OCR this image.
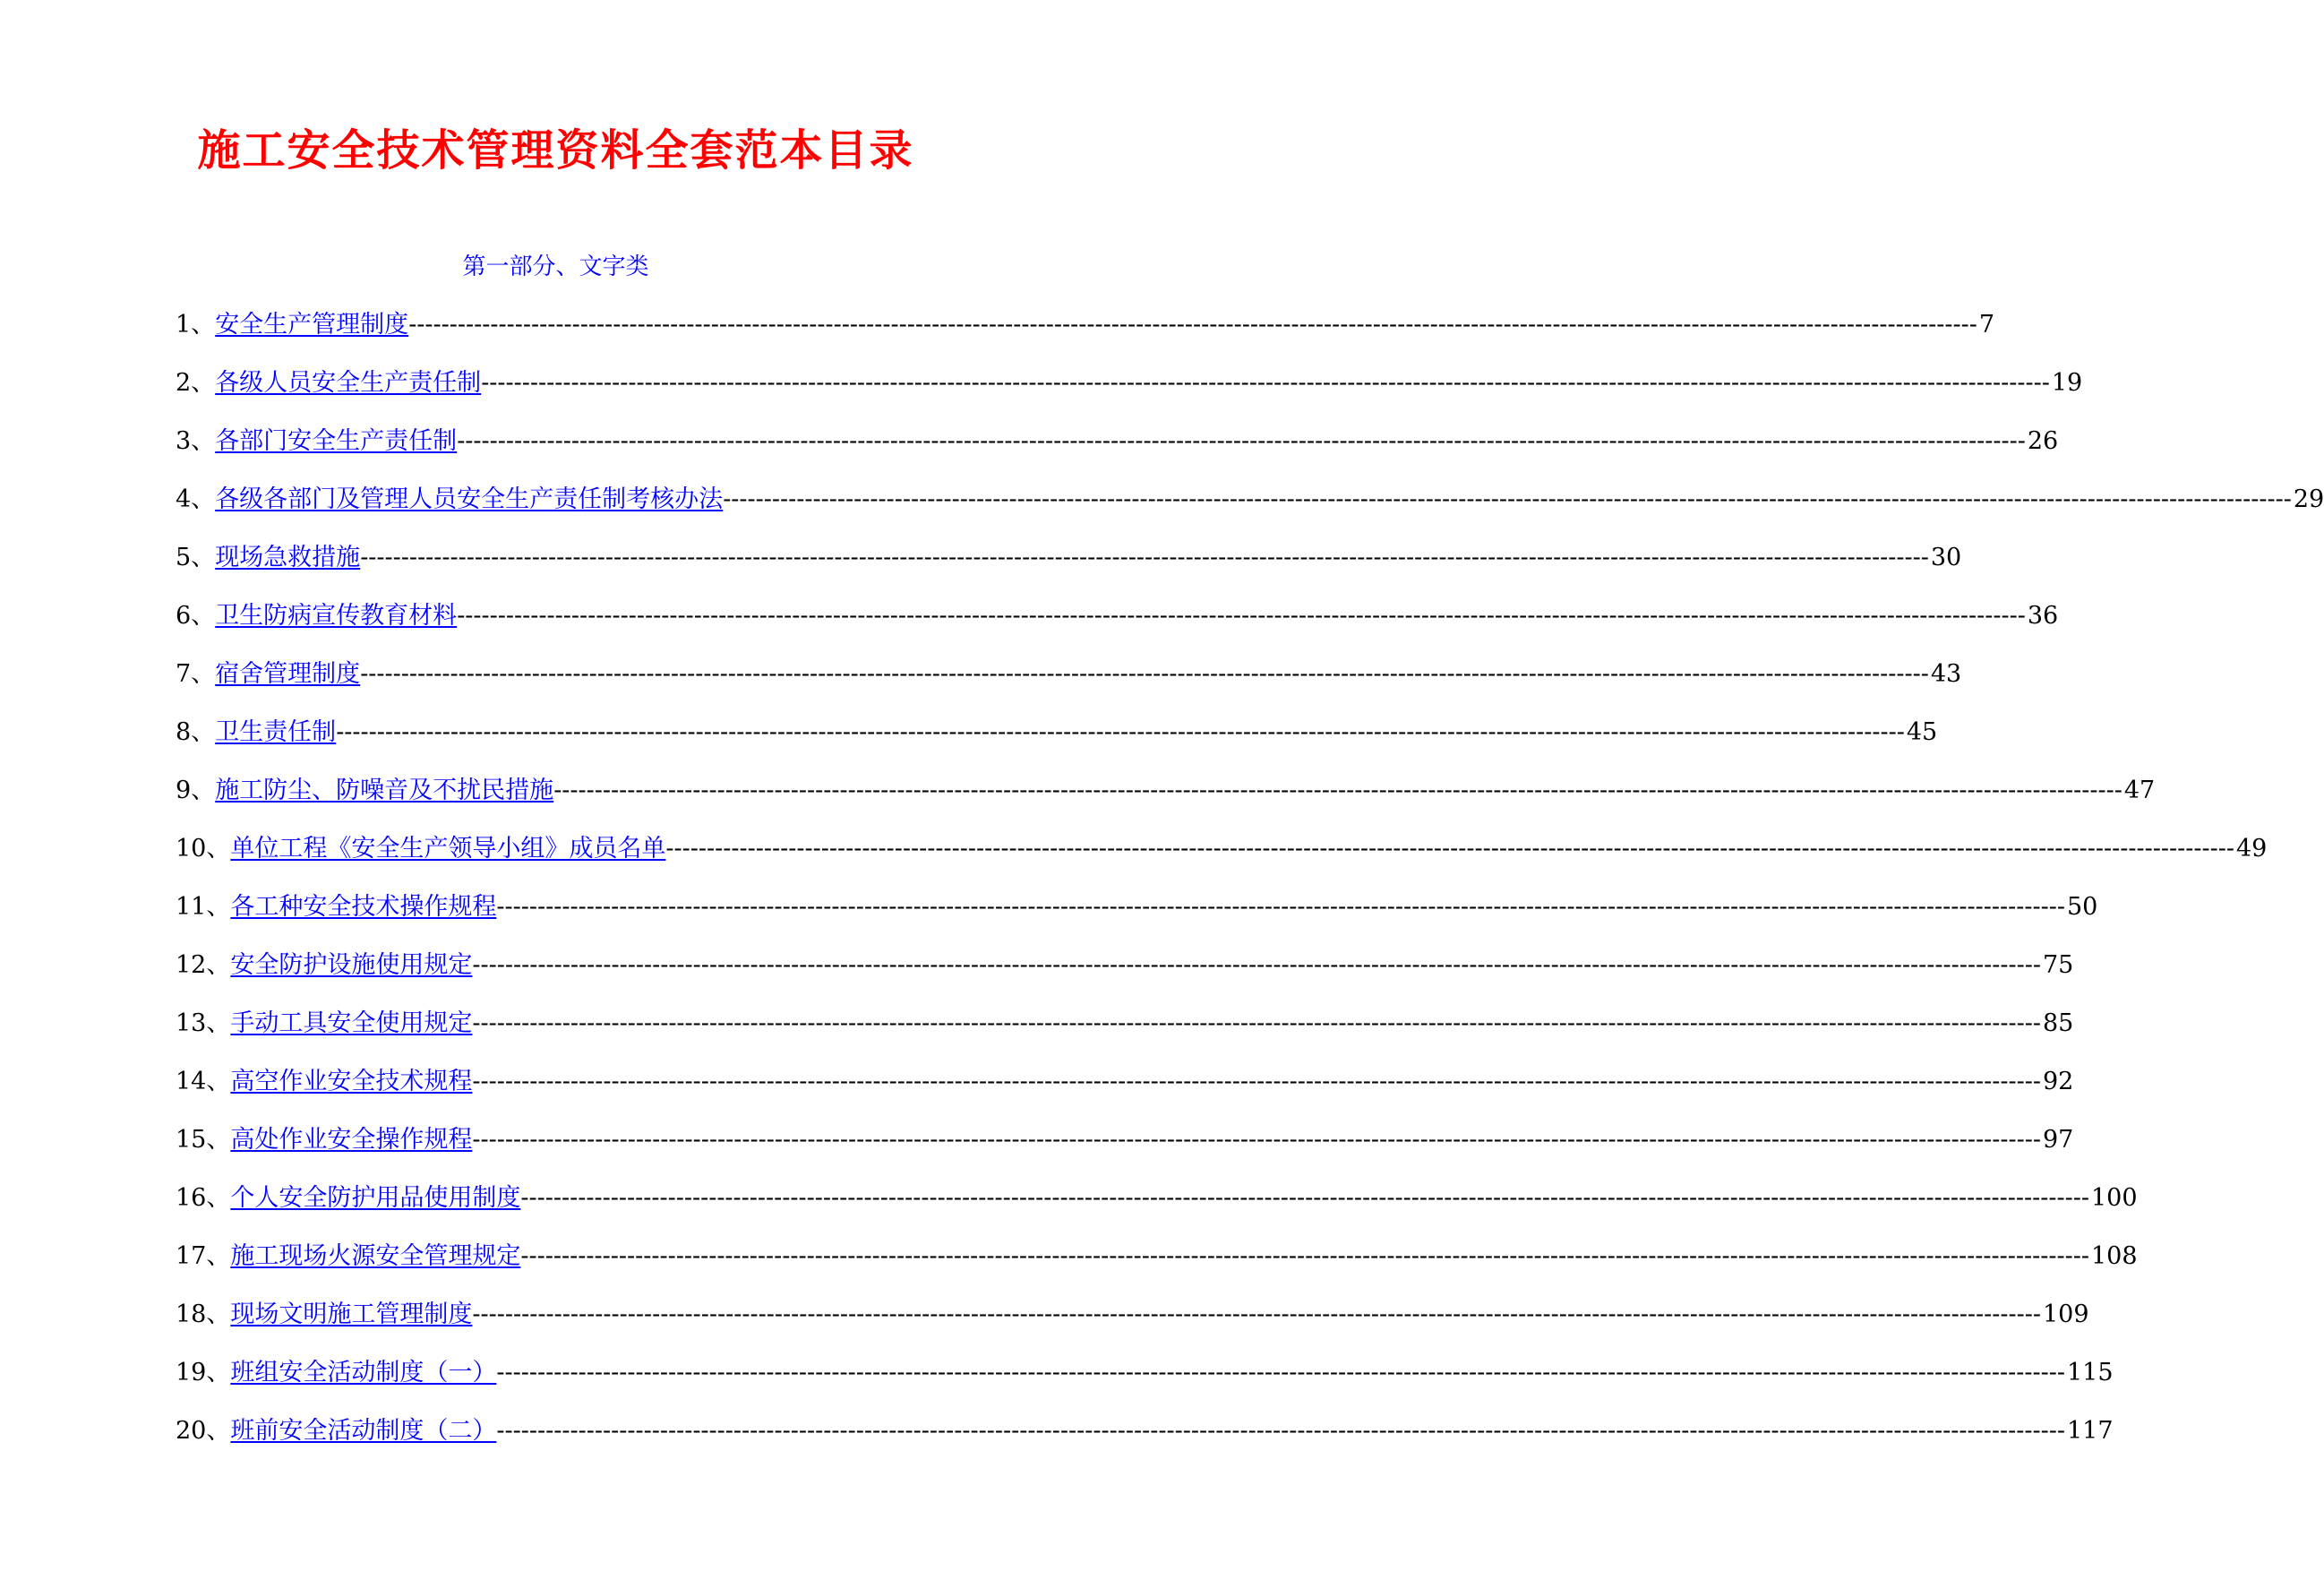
施工安全技术管理资料全套范本目录
第一部分、文字类
1、 安全生产管理制度 ------------------------------------------------------------------------------------------------------------------------------------------------------------------------------------------------ 7
2、 各级人员安全生产责任制 ------------------------------------------------------------------------------------------------------------------------------------------------------------------------------------------------ 19
3、 各部门安全生产责任制 ------------------------------------------------------------------------------------------------------------------------------------------------------------------------------------------------ 26
4、 各级各部门及管理人员安全生产责任制考核办法 ------------------------------------------------------------------------------------------------------------------------------------------------------------------------------------------------ 29
5、 现场急救措施 ------------------------------------------------------------------------------------------------------------------------------------------------------------------------------------------------ 30
6、 卫生防病宣传教育材料 ------------------------------------------------------------------------------------------------------------------------------------------------------------------------------------------------ 36
7、 宿舍管理制度 ------------------------------------------------------------------------------------------------------------------------------------------------------------------------------------------------ 43
8、 卫生责任制 ------------------------------------------------------------------------------------------------------------------------------------------------------------------------------------------------ 45
9、 施工防尘、防噪音及不扰民措施 ------------------------------------------------------------------------------------------------------------------------------------------------------------------------------------------------ 47
10、 单位工程《安全生产领导小组》成员名单 ------------------------------------------------------------------------------------------------------------------------------------------------------------------------------------------------ 49
11、 各工种安全技术操作规程 ------------------------------------------------------------------------------------------------------------------------------------------------------------------------------------------------ 50
12、 安全防护设施使用规定 ------------------------------------------------------------------------------------------------------------------------------------------------------------------------------------------------ 75
13、 手动工具安全使用规定 ------------------------------------------------------------------------------------------------------------------------------------------------------------------------------------------------ 85
14、 高空作业安全技术规程 ------------------------------------------------------------------------------------------------------------------------------------------------------------------------------------------------ 92
15、 高处作业安全操作规程 ------------------------------------------------------------------------------------------------------------------------------------------------------------------------------------------------ 97
16、 个人安全防护用品使用制度 ------------------------------------------------------------------------------------------------------------------------------------------------------------------------------------------------ 100
17、 施工现场火源安全管理规定 ------------------------------------------------------------------------------------------------------------------------------------------------------------------------------------------------ 108
18、 现场文明施工管理制度 ------------------------------------------------------------------------------------------------------------------------------------------------------------------------------------------------ 109
19、 班组安全活动制度（一） ------------------------------------------------------------------------------------------------------------------------------------------------------------------------------------------------ 115
20、 班前安全活动制度（二） ------------------------------------------------------------------------------------------------------------------------------------------------------------------------------------------------ 117
